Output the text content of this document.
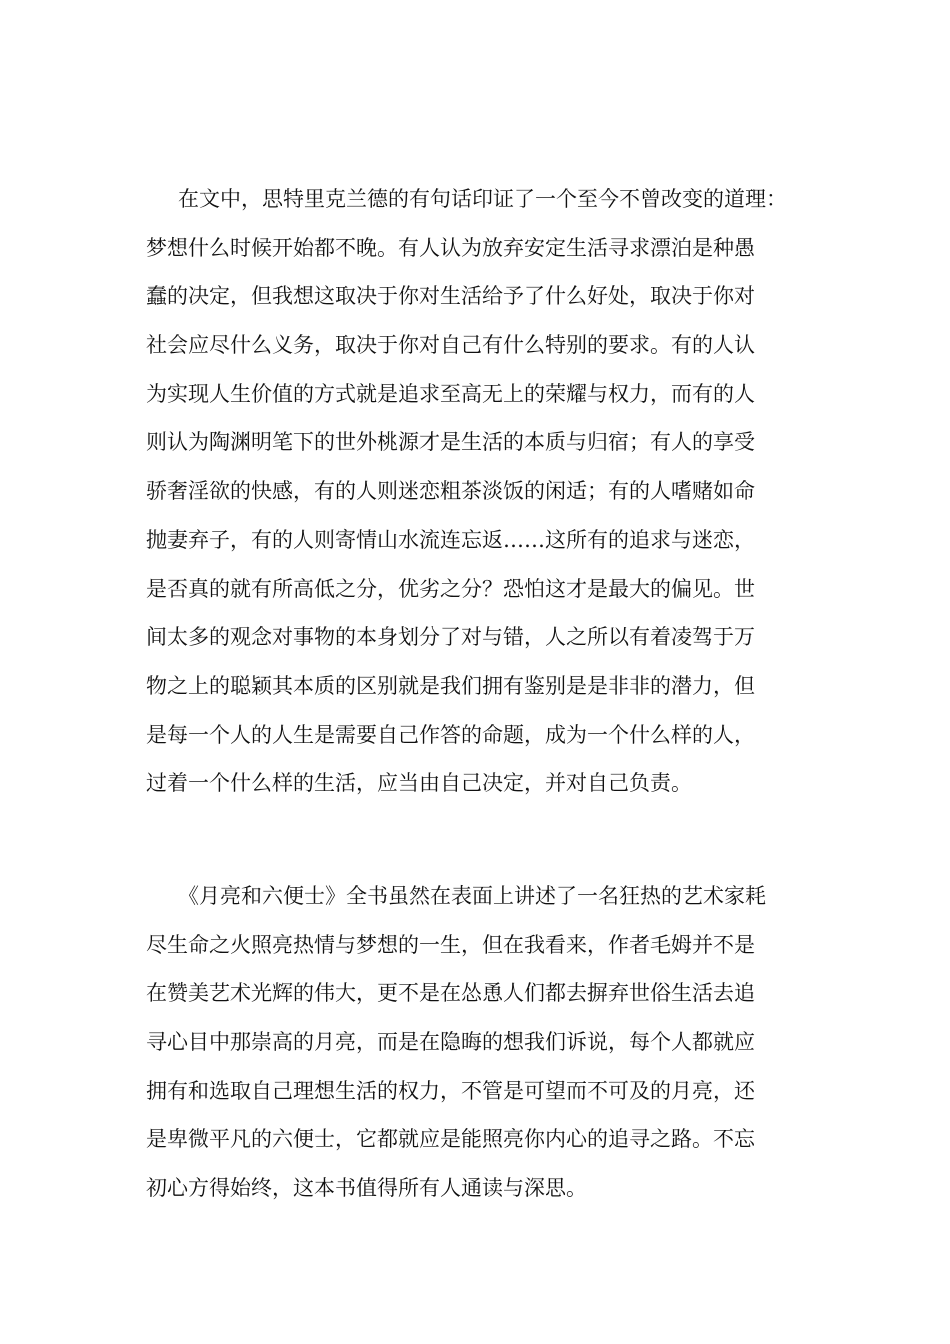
在文中，思特里克兰德的有句话印证了一个至今不曾改变的道理：
梦想什么时候开始都不晚。有人认为放弃安定生活寻求漂泊是种愚
蠢的决定，但我想这取决于你对生活给予了什么好处，取决于你对
社会应尽什么义务，取决于你对自己有什么特别的要求。有的人认
为实现人生价值的方式就是追求至高无上的荣耀与权力，而有的人
则认为陶渊明笔下的世外桃源才是生活的本质与归宿；有人的享受
骄奢淫欲的快感，有的人则迷恋粗茶淡饭的闲适；有的人嗜赌如命
抛妻弃子，有的人则寄情山水流连忘返……这所有的追求与迷恋，
是否真的就有所高低之分，优劣之分？恐怕这才是最大的偏见。世
间太多的观念对事物的本身划分了对与错，人之所以有着凌驾于万
物之上的聪颖其本质的区别就是我们拥有鉴别是是非非的潜力，但
是每一个人的人生是需要自己作答的命题，成为一个什么样的人，
过着一个什么样的生活，应当由自己决定，并对自己负责。
《月亮和六便士》全书虽然在表面上讲述了一名狂热的艺术家耗
尽生命之火照亮热情与梦想的一生，但在我看来，作者毛姆并不是
在赞美艺术光辉的伟大，更不是在怂恿人们都去摒弃世俗生活去追
寻心目中那崇高的月亮，而是在隐晦的想我们诉说，每个人都就应
拥有和选取自己理想生活的权力，不管是可望而不可及的月亮，还
是卑微平凡的六便士，它都就应是能照亮你内心的追寻之路。不忘
初心方得始终，这本书值得所有人通读与深思。
